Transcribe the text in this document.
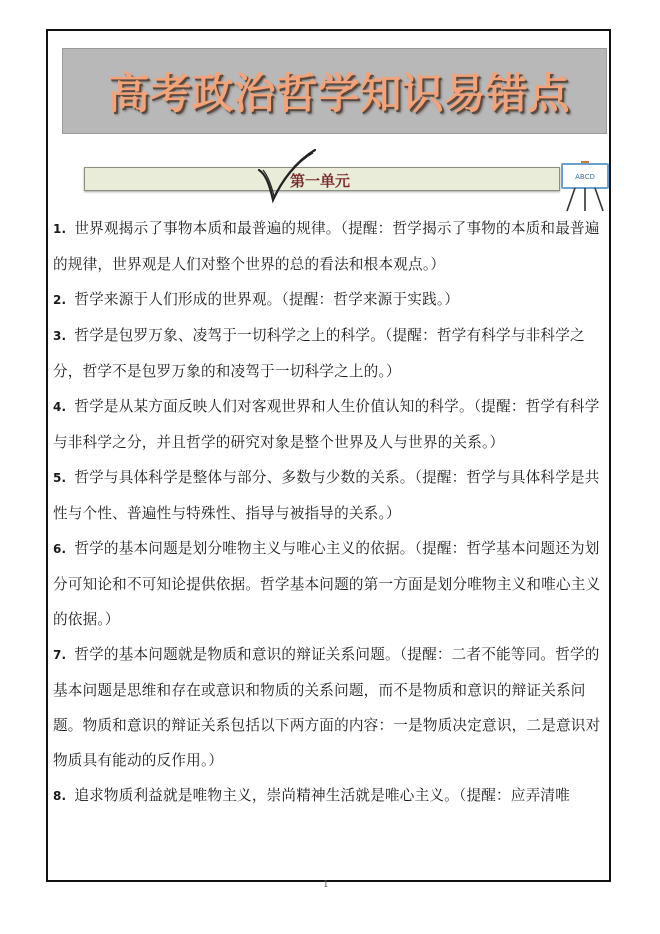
高考政治哲学知识易错点
第一单元	ABCD

1. 世界观揭示了事物本质和最普遍的规律。（提醒：哲学揭示了事物的本质和最普遍的规律，世界观是人们对整个世界的总的看法和根本观点。）

2. 哲学来源于人们形成的世界观。（提醒：哲学来源于实践。）

3. 哲学是包罗万象、凌驾于一切科学之上的科学。（提醒：哲学有科学与非科学之分，哲学不是包罗万象的和凌驾于一切科学之上的。）

4. 哲学是从某方面反映人们对客观世界和人生价值认知的科学。（提醒：哲学有科学与非科学之分，并且哲学的研究对象是整个世界及人与世界的关系。）

5. 哲学与具体科学是整体与部分、多数与少数的关系。（提醒：哲学与具体科学是共性与个性、普遍性与特殊性、指导与被指导的关系。）

6. 哲学的基本问题是划分唯物主义与唯心主义的依据。（提醒：哲学基本问题还为划分可知论和不可知论提供依据。哲学基本问题的第一方面是划分唯物主义和唯心主义的依据。）

7. 哲学的基本问题就是物质和意识的辩证关系问题。（提醒：二者不能等同。哲学的基本问题是思维和存在或意识和物质的关系问题，而不是物质和意识的辩证关系问题。物质和意识的辩证关系包括以下两方面的内容：一是物质决定意识，二是意识对物质具有能动的反作用。）

8. 追求物质利益就是唯物主义，崇尚精神生活就是唯心主义。（提醒：应弄清唯

1
